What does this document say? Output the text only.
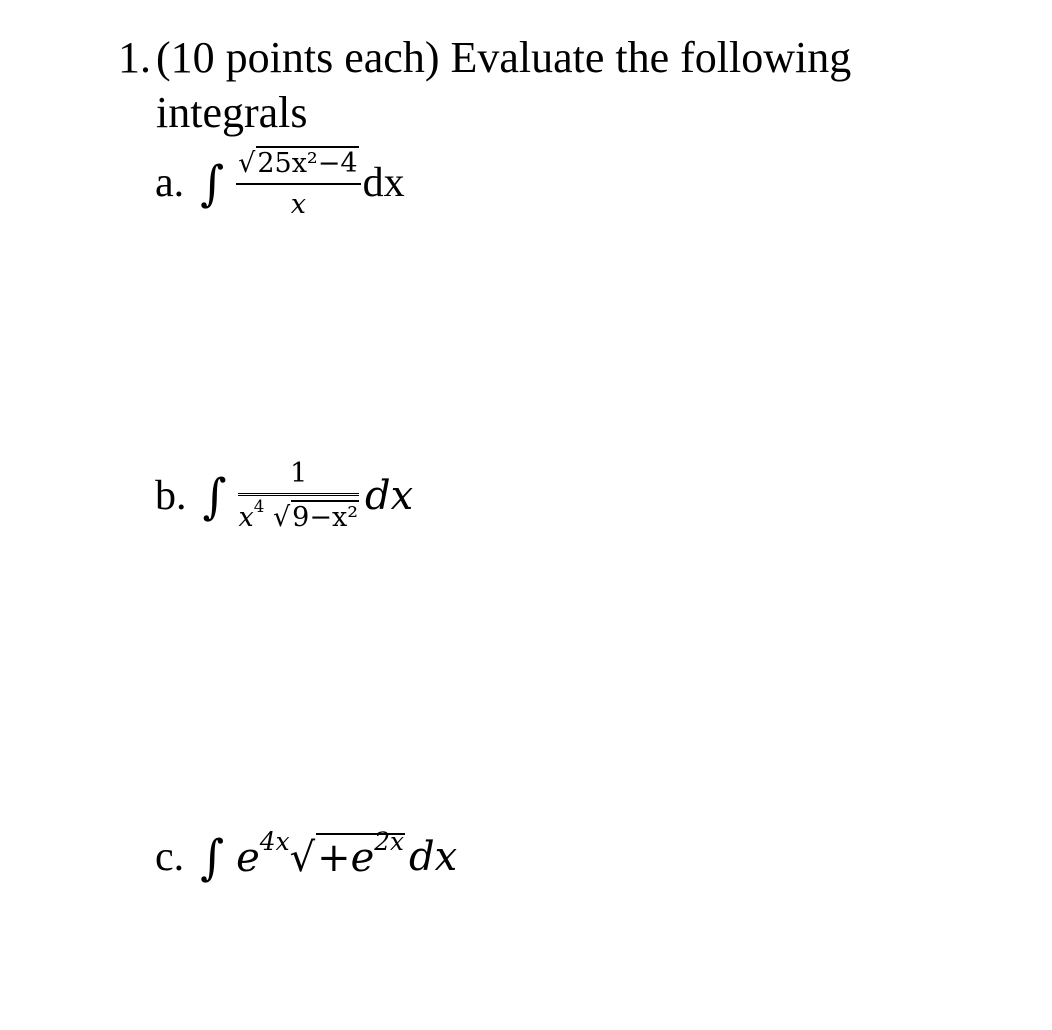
1. (10 points each) Evaluate the following
integrals
a. ∫ $\frac{\text{√ 25x²−4}}{x}$ dx
b. ∫ $\frac{1}{x^4 √ 9-x^2}$ dx
c. ∫ $e^{4x}$ √ $+e^{2x}$ dx
